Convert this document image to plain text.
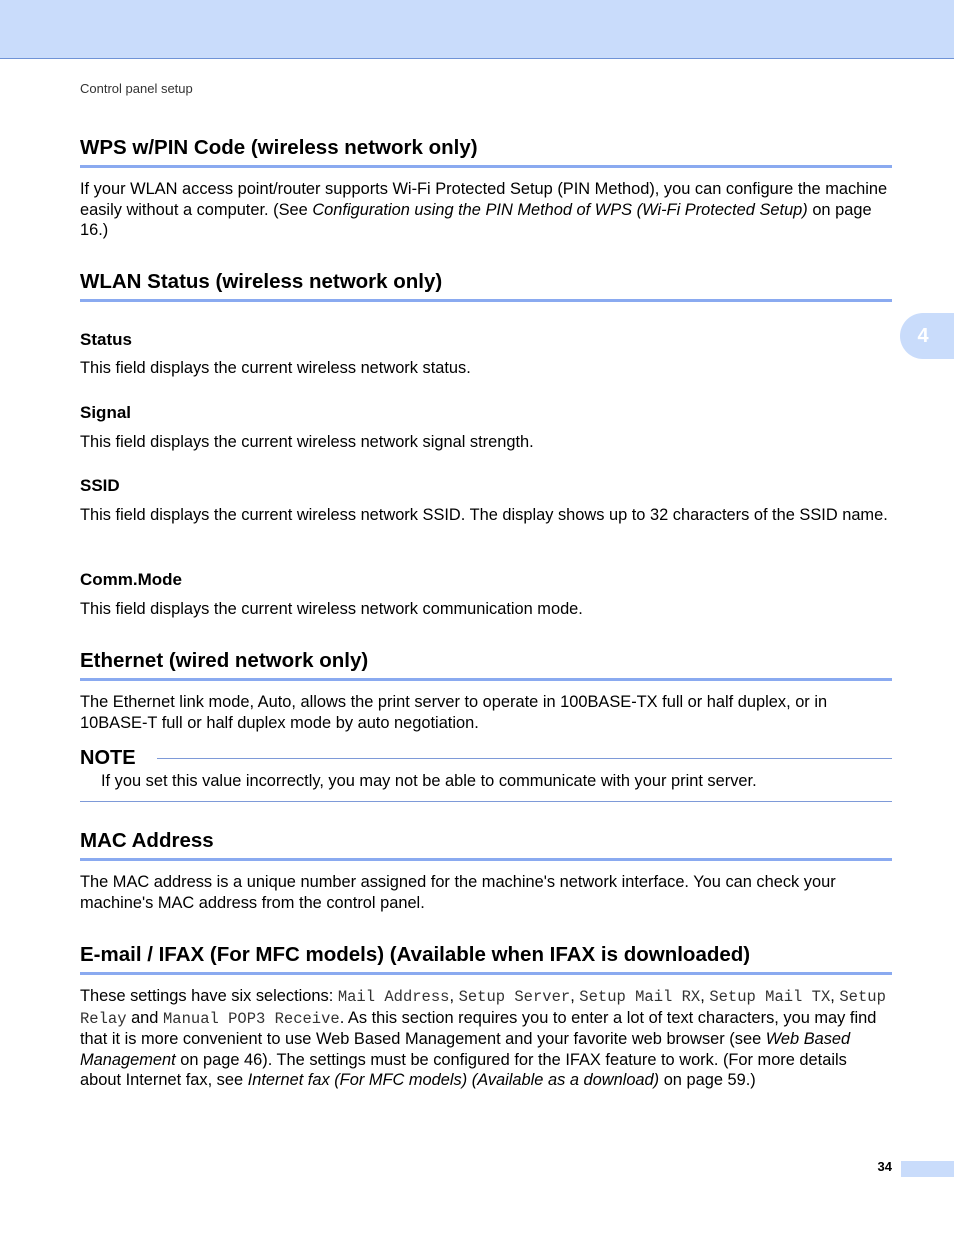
Control panel setup
4
WPS w/PIN Code (wireless network only)

If your WLAN access point/router supports Wi-Fi Protected Setup (PIN Method), you can configure the machine easily without a computer. (See Configuration using the PIN Method of WPS (Wi-Fi Protected Setup) on page 16.)

WLAN Status (wireless network only)
Status

This field displays the current wireless network status.

Signal

This field displays the current wireless network signal strength.

SSID

This field displays the current wireless network SSID. The display shows up to 32 characters of the SSID name.

Comm.Mode

This field displays the current wireless network communication mode.

Ethernet (wired network only)

The Ethernet link mode, Auto, allows the print server to operate in 100BASE-TX full or half duplex, or in 10BASE-T full or half duplex mode by auto negotiation.

NOTE
If you set this value incorrectly, you may not be able to communicate with your print server.
MAC Address

The MAC address is a unique number assigned for the machine's network interface. You can check your machine's MAC address from the control panel.

E-mail / IFAX (For MFC models) (Available when IFAX is downloaded)

These settings have six selections: Mail Address, Setup Server, Setup Mail RX, Setup Mail TX, Setup Relay and Manual POP3 Receive. As this section requires you to enter a lot of text characters, you may find that it is more convenient to use Web Based Management and your favorite web browser (see Web Based Management on page 46). The settings must be configured for the IFAX feature to work. (For more details about Internet fax, see Internet fax (For MFC models) (Available as a download) on page 59.)

34
